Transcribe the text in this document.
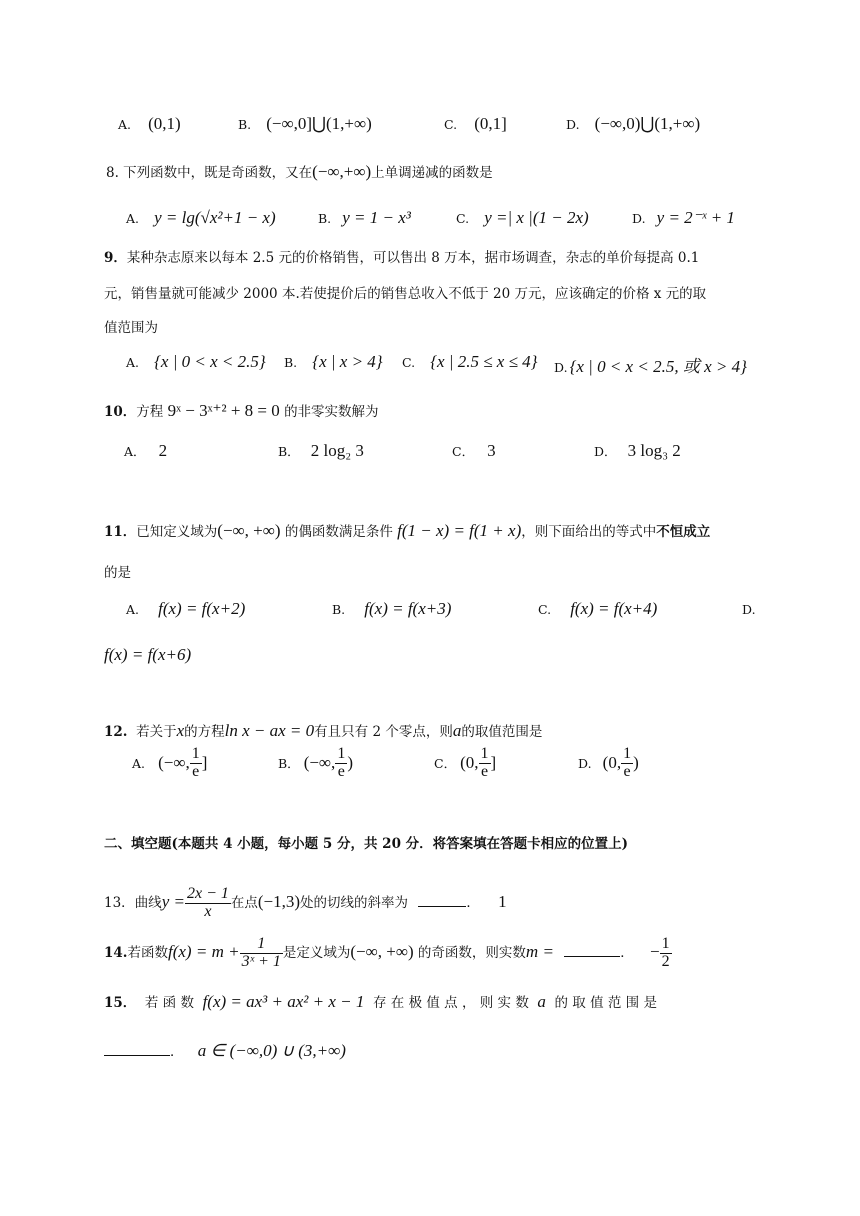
A. (0,1)	B. (−∞,0]⋃(1,+∞)	C. (0,1]	D. (−∞,0)⋃(1,+∞)
8. 下列函数中，既是奇函数，又在(−∞,+∞)上单调递减的函数是
A. y = lg(√x²+1 − x)	B. y = 1 − x³	C. y =| x |(1 − 2x)	D. y = 2⁻ˣ + 1
9．某种杂志原来以每本 2.5 元的价格销售，可以售出 8 万本，据市场调查，杂志的单价每提高 0.1
元，销售量就可能减少 2000 本.若使提价后的销售总收入不低于 20 万元，应该确定的价格 x 元的取
值范围为
A. {x | 0 < x < 2.5} B. {x | x > 4} C. {x | 2.5 ≤ x ≤ 4} D. {x | 0 < x < 2.5, 或 x > 4}
10．方程 9ˣ − 3ˣ⁺² + 8 = 0 的非零实数解为
A． 2	B． 2 log₂ 3	C． 3	D． 3 log₃ 2
11．已知定义域为(−∞, +∞) 的偶函数满足条件 f(1 − x) = f(1 + x)，则下面给出的等式中不恒成立
的是
A. f(x) = f(x+2)	B. f(x) = f(x+3)	C. f(x) = f(x+4)	D.
f(x) = f(x+6)
12. 若关于x的方程ln x − ax = 0有且只有 2 个零点，则a的取值范围是
A. (−∞, $\frac{1}{e}$ ]	B． (−∞, $\frac{1}{e}$ )	C． (0, $\frac{1}{e}$ ]	D. (0, $\frac{1}{e}$ )
二、填空题(本题共 4 小题，每小题 5 分，共 20 分．将答案填在答题卡相应的位置上)
13．曲线$y = \frac{2x - 1}{x}$ 在点(−1,3)处的切线的斜率为	． 1
14.若函数$f(x) = m + \frac{1}{\text{3ˣ + 1}}$ 是定义域为(−∞, +∞) 的奇函数，则实数m =	． − $\frac{1}{2}$
15． 若 函 数 f(x) = ax³ + ax² + x − 1 存 在 极 值 点 ， 则 实 数 a 的 取 值 范 围 是
． a ∈ (−∞,0) ∪ (3,+∞)
